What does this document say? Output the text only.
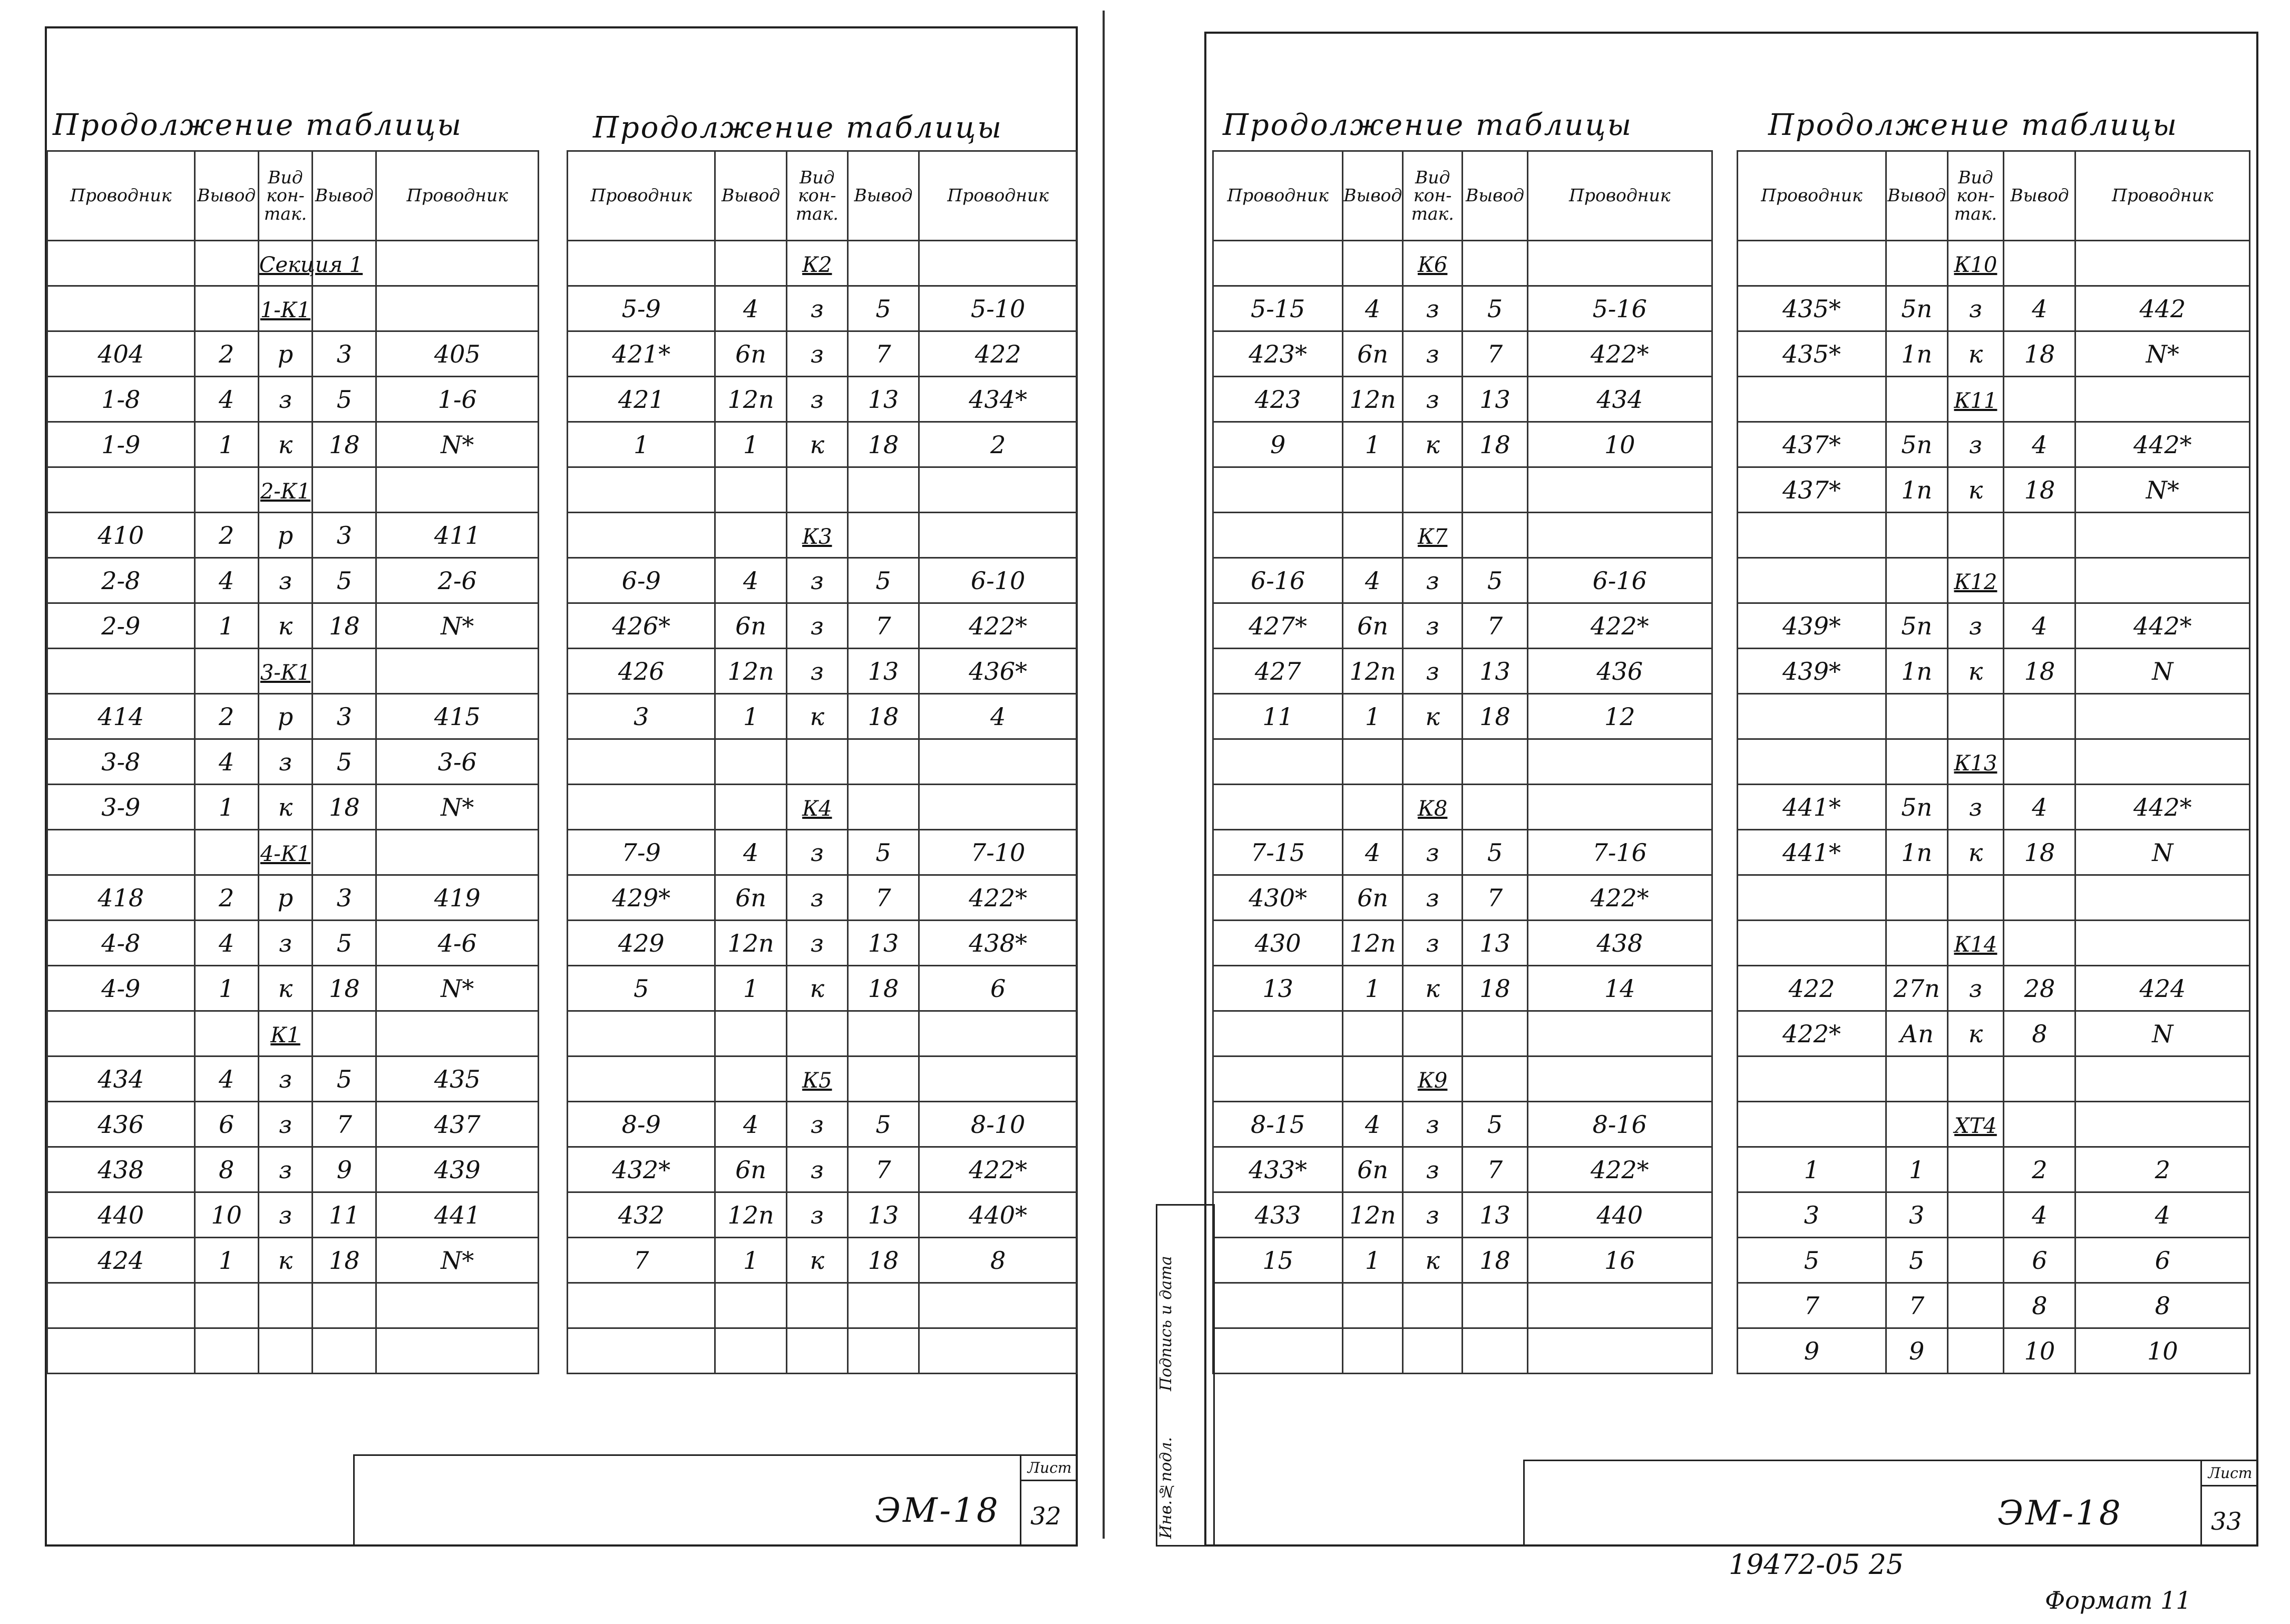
Продолжение таблицы	Продолжение таблицы
Проводник	Вывод	Вид кон-так.	Вывод	Проводник
		Секция 1		
		1-К1		
404	2	р	3	405
1-8	4	з	5	1-6
1-9	1	к	18	N*
		2-К1		
410	2	р	3	411
2-8	4	з	5	2-6
2-9	1	к	18	N*
		3-К1		
414	2	р	3	415
3-8	4	з	5	3-6
3-9	1	к	18	N*
		4-К1		
418	2	р	3	419
4-8	4	з	5	4-6
4-9	1	к	18	N*
		К1		
434	4	з	5	435
436	6	з	7	437
438	8	з	9	439
440	10	з	11	441
424	1	к	18	N*

Проводник	Вывод	Вид кон-так.	Вывод	Проводник
		К2		
5-9	4	з	5	5-10
421*	6п	з	7	422
421	12п	з	13	434*
1	1	к	18	2

		К3		
6-9	4	з	5	6-10
426*	6п	з	7	422*
426	12п	з	13	436*
3	1	к	18	4

		К4		
7-9	4	з	5	7-10
429*	6п	з	7	422*
429	12п	з	13	438*
5	1	к	18	6

		К5		
8-9	4	з	5	8-10
432*	6п	з	7	422*
432	12п	з	13	440*
7	1	к	18	8

ЭМ-18
Лист
32
Продолжение таблицы	Продолжение таблицы
Проводник	Вывод	Вид кон-так.	Вывод	Проводник
		К6		
5-15	4	з	5	5-16
423*	6п	з	7	422*
423	12п	з	13	434
9	1	к	18	10

		К7		
6-16	4	з	5	6-16
427*	6п	з	7	422*
427	12п	з	13	436
11	1	к	18	12

		К8		
7-15	4	з	5	7-16
430*	6п	з	7	422*
430	12п	з	13	438
13	1	к	18	14

		К9		
8-15	4	з	5	8-16
433*	6п	з	7	422*
433	12п	з	13	440
15	1	к	18	16

Проводник	Вывод	Вид кон-так.	Вывод	Проводник
		К10		
435*	5п	з	4	442
435*	1п	к	18	N*
		К11		
437*	5п	з	4	442*
437*	1п	к	18	N*

		К12		
439*	5п	з	4	442*
439*	1п	к	18	N

		К13		
441*	5п	з	4	442*
441*	1п	к	18	N

		К14		
422	27п	з	28	424
422*	Ап	к	8	N

		ХТ4		
1	1		2	2
3	3		4	4
5	5		6	6
7	7		8	8
9	9		10	10
Подпись и дата
Инв.№подл.	ЭМ-18
Лист
33
19472-05 25
Формат 11
